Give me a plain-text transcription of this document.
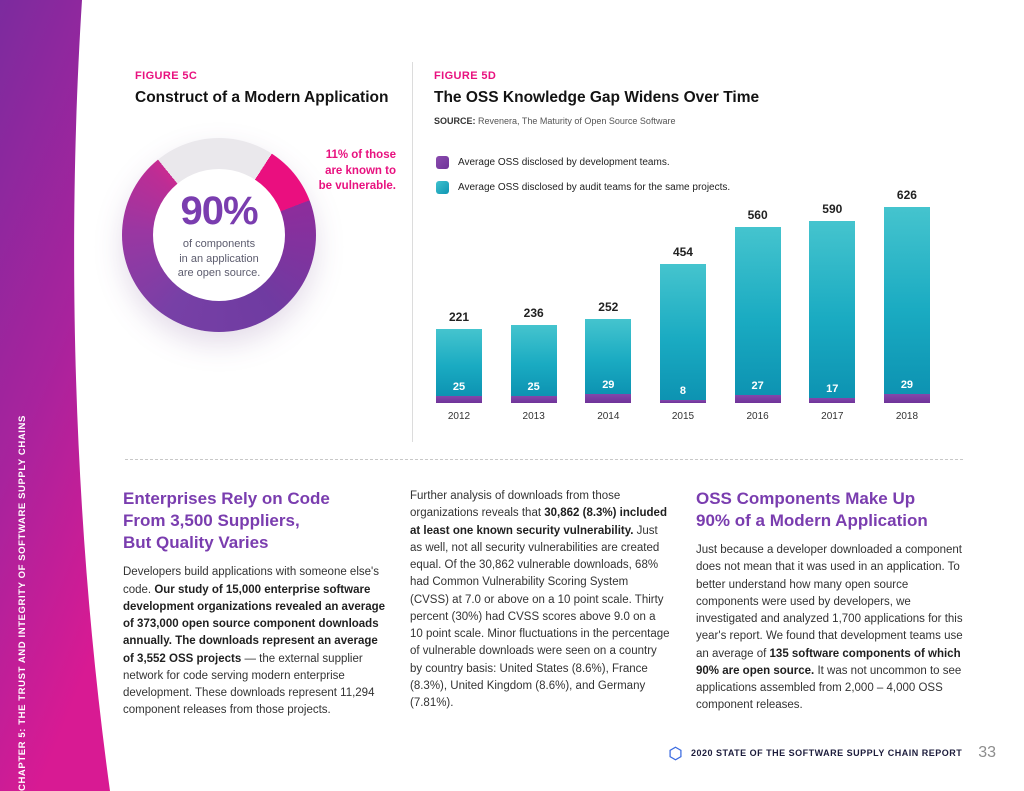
CHAPTER 5: THE TRUST AND INTEGRITY OF SOFTWARE SUPPLY CHAINS
FIGURE 5C
Construct of a Modern Application
90%
of components
in an application
are open source.
11% of those
are known to
be vulnerable.
FIGURE 5D
The OSS Knowledge Gap Widens Over Time
SOURCE: Revenera, The Maturity of Open Source Software
Average OSS disclosed by development teams.
Average OSS disclosed by audit teams for the same projects.
221
25
2012
236
25
2013
252
29
2014
454
8
2015
560
27
2016
590
17
2017
626
29
2018
Enterprises Rely on Code
From 3,500 Suppliers,
But Quality Varies
Developers build applications with someone else's code. Our study of 15,000 enterprise software development organizations revealed an average of 373,000 open source component downloads annually. The downloads represent an average of 3,552 OSS projects — the external supplier network for code serving modern enterprise development. These downloads represent 11,294 component releases from those projects.
Further analysis of downloads from those organizations reveals that 30,862 (8.3%) included at least one known security vulnerability. Just as well, not all security vulnerabilities are created equal. Of the 30,862 vulnerable downloads, 68% had Common Vulnerability Scoring System (CVSS) at 7.0 or above on a 10 point scale. Thirty percent (30%) had CVSS scores above 9.0 on a 10 point scale. Minor fluctuations in the percentage of vulnerable downloads were seen on a country by country basis: United States (8.6%), France (8.3%), United Kingdom (8.6%), and Germany (7.81%).
OSS Components Make Up
90% of a Modern Application
Just because a developer downloaded a component does not mean that it was used in an application. To better understand how many open source components were used by developers, we investigated and analyzed 1,700 applications for this year's report. We found that development teams use an average of 135 software components of which 90% are open source. It was not uncommon to see applications assembled from 2,000 – 4,000 OSS component releases.
2020 STATE OF THE SOFTWARE SUPPLY CHAIN REPORT 33
